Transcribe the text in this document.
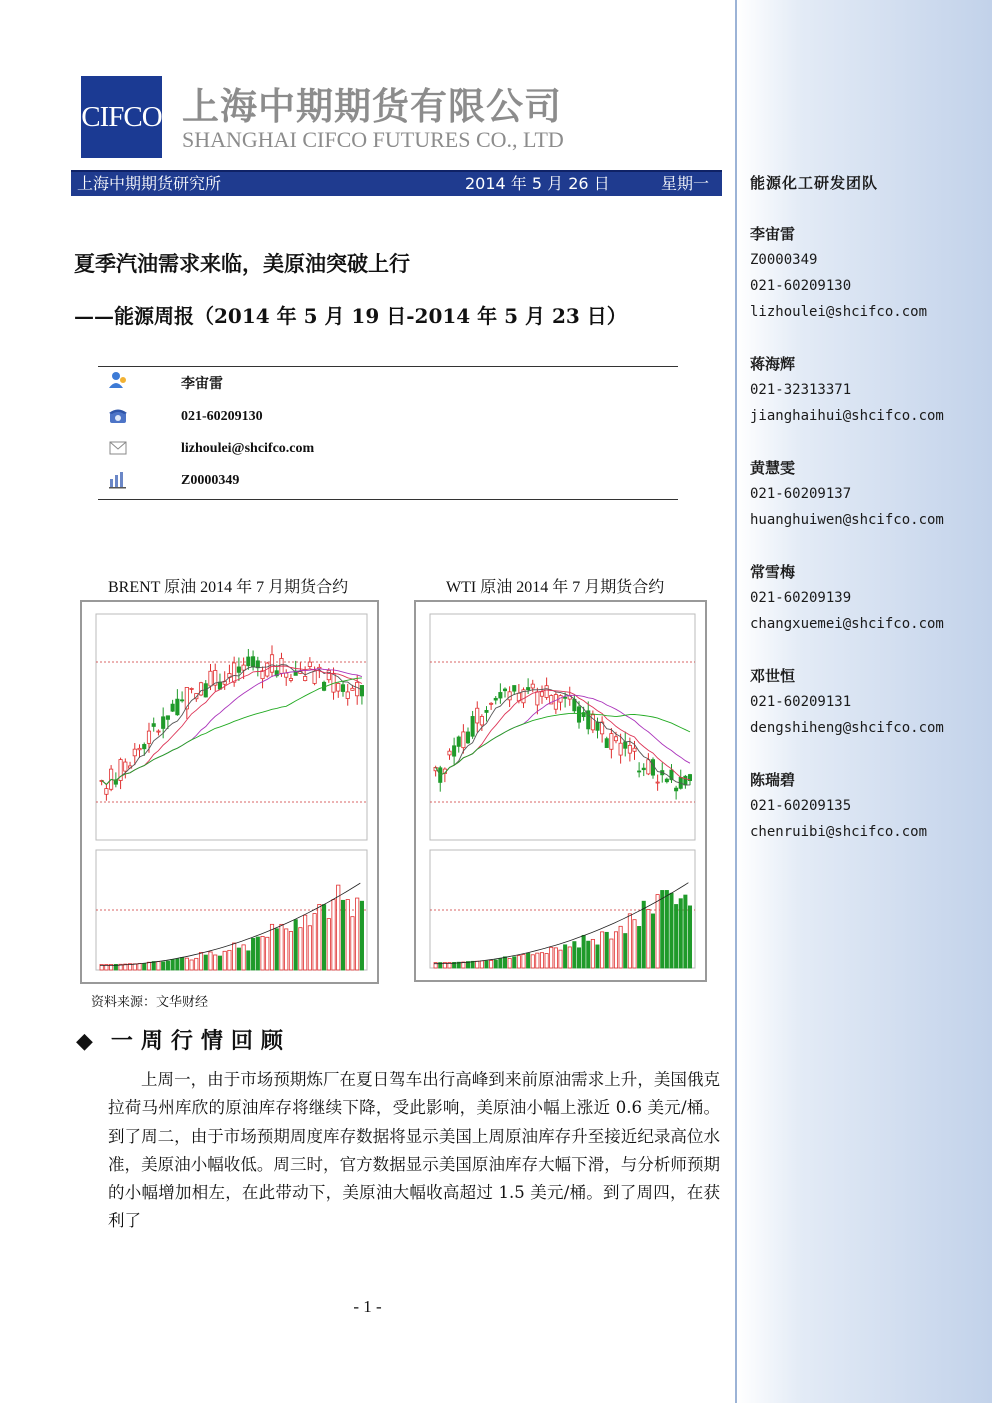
CIFCO 上海中期期货有限公司
SHANGHAI CIFCO FUTURES CO., LTD
上海中期期货研究所	2014 年 5 月 26 日	星期一
夏季汽油需求来临，美原油突破上行
——能源周报（2014 年 5 月 19 日-2014 年 5 月 23 日）
李宙雷
021-60209130
lizhoulei@shcifco.com
Z0000349
BRENT 原油 2014 年 7 月期货合约	WTI 原油 2014 年 7 月期货合约
资料来源：文华财经
◆ 一周行情回顾
上周一，由于市场预期炼厂在夏日驾车出行高峰到来前原油需求上升，美国俄克拉荷马州库欣的原油库存将继续下降，受此影响，美原油小幅上涨近 0.6 美元/桶。到了周二，由于市场预期周度库存数据将显示美国上周原油库存升至接近纪录高位水准，美原油小幅收低。周三时，官方数据显示美国原油库存大幅下滑，与分析师预期的小幅增加相左，在此带动下，美原油大幅收高超过 1.5 美元/桶。到了周四，在获利了
- 1 -
能源化工研发团队
李宙雷
Z0000349
021-60209130
lizhoulei@shcifco.com
蒋海辉
021-32313371
jianghaihui@shcifco.com
黄慧雯
021-60209137
huanghuiwen@shcifco.com
常雪梅
021-60209139
changxuemei@shcifco.com
邓世恒
021-60209131
dengshiheng@shcifco.com
陈瑞碧
021-60209135
chenruibi@shcifco.com
